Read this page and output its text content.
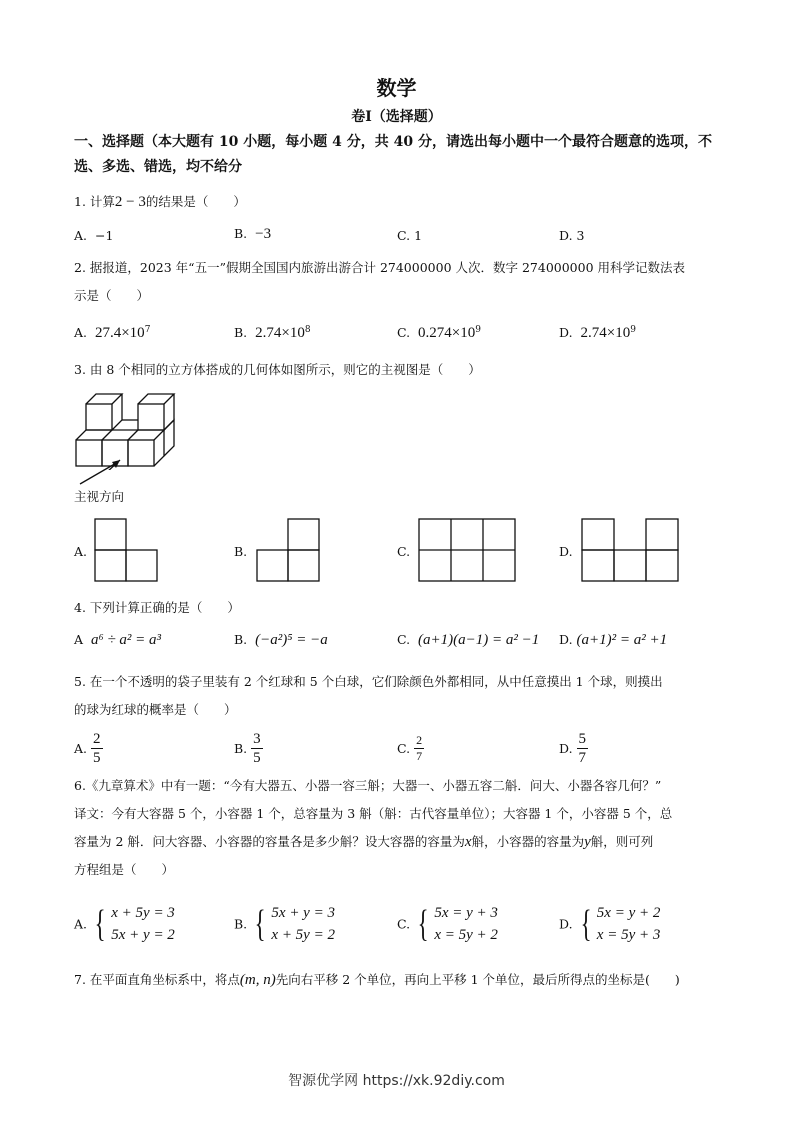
数学
卷Ⅰ（选择题）
一、选择题（本大题有 10 小题，每小题 4 分，共 40 分，请选出每小题中一个最符合题意的选项，不选、多选、错选，均不给分
1. 计算2 − 3的结果是（　　）
A. −1	B. −3	C. 1	D. 3
2. 据报道，2023 年“五一”假期全国国内旅游出游合计 274000000 人次．数字 274000000 用科学记数法表
示是（　　）
A. $27.4\times 10^7$	B. $2.74\times 10^8$	C. $0.274\times 10^9$	D. $2.74\times 10^9$
3. 由 8 个相同的立方体搭成的几何体如图所示，则它的主视图是（　　）
主视方向
A.	B.	C.	D.
4. 下列计算正确的是（　　）
A a⁶ ÷ a² = a³	B. (−a²)⁵ = −a	C. (a+1)(a−1) = a² −1 D. (a+1)² = a² +1
5. 在一个不透明的袋子里装有 2 个红球和 5 个白球，它们除颜色外都相同，从中任意摸出 1 个球，则摸出
的球为红球的概率是（　　）
A. $\frac{2}{5}$	B. $\frac{3}{5}$	C. $\frac{2}{7}$	D. $\frac{5}{7}$
6.《九章算术》中有一题：“今有大器五、小器一容三斛；大器一、小器五容二斛．问大、小器各容几何？”
译文：今有大容器 5 个，小容器 1 个，总容量为 3 斛（斛：古代容量单位）；大容器 1 个，小容器 5 个，总
容量为 2 斛．问大容器、小容器的容量各是多少斛？设大容器的容量为x斛，小容器的容量为y斛，则可列
方程组是（　　）
A. { x + 5y = 3
5x + y = 2
B. { 5x + y = 3
x + 5y = 2
C. { 5x = y + 3
x = 5y + 2
D. { 5x = y + 2
x = 5y + 3
7. 在平面直角坐标系中，将点(m, n)先向右平移 2 个单位，再向上平移 1 个单位，最后所得点的坐标是(　　)
智源优学网 https://xk.92diy.com
